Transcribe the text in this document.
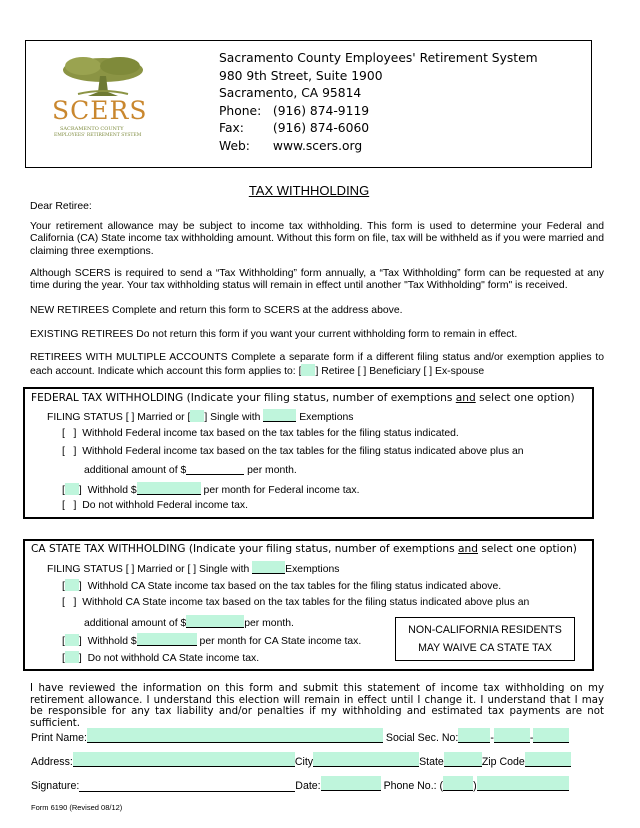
SCERS
SACRAMENTO COUNTY
EMPLOYEES' RETIREMENT SYSTEM
Sacramento County Employees' Retirement System
980 9th Street, Suite 1900
Sacramento, CA 95814
Phone: (916) 874-9119
Fax: (916) 874-6060
Web: www.scers.org
TAX WITHHOLDING
Dear Retiree:
Your retirement allowance may be subject to income tax withholding. This form is used to determine your Federal and California (CA) State income tax withholding amount. Without this form on file, tax will be withheld as if you were married and claiming three exemptions.
Although SCERS is required to send a “Tax Withholding” form annually, a “Tax Withholding” form can be requested at any time during the year. Your tax withholding status will remain in effect until another "Tax Withholding" form" is received.
NEW RETIREES Complete and return this form to SCERS at the address above.
EXISTING RETIREES Do not return this form if you want your current withholding form to remain in effect.
RETIREES WITH MULTIPLE ACCOUNTS Complete a separate form if a different filing status and/or exemption applies to each account. Indicate which account this form applies to: [ ] Retiree [ ] Beneficiary [ ] Ex-spouse
FEDERAL TAX WITHHOLDING (Indicate your filing status, number of exemptions and select one option)
FILING STATUS [ ] Married or [ ] Single with	Exemptions
[   ]  Withhold Federal income tax based on the tax tables for the filing status indicated.
[   ]  Withhold Federal income tax based on the tax tables for the filing status indicated above plus an
additional amount of $	per month.
[ ]  Withhold $	per month for Federal income tax.
[   ]  Do not withhold Federal income tax.
CA STATE TAX WITHHOLDING (Indicate your filing status, number of exemptions and select one option)
FILING STATUS [ ] Married or [ ] Single with	Exemptions
[ ]  Withhold CA State income tax based on the tax tables for the filing status indicated above.
[   ]  Withhold CA State income tax based on the tax tables for the filing status indicated above plus an
additional amount of $	per month.
[ ]  Withhold $	per month for CA State income tax.
[ ]  Do not withhold CA State income tax.
NON-CALIFORNIA RESIDENTS
MAY WAIVE CA STATE TAX
I have reviewed the information on this form and submit this statement of income tax withholding on my retirement allowance. I understand this election will remain in effect until I change it. I understand that I may be responsible for any tax liability and/or penalties if my withholding and estimated tax payments are not sufficient.
Print Name:	Social Sec. No:	-	-
Address:	City	State	Zip Code
Signature:	Date:	Phone No.: (	)
Form 6190 (Revised 08/12)
